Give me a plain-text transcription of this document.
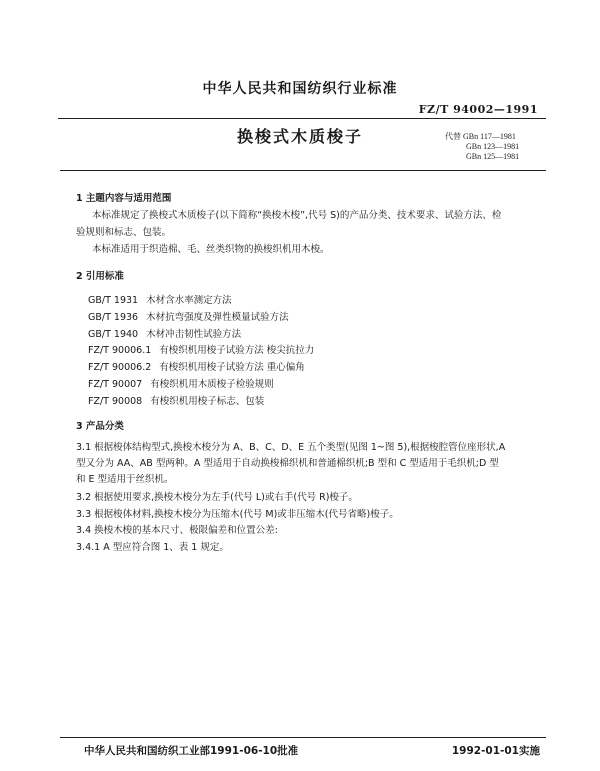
中华人民共和国纺织行业标准
FZ/T 94002—1991
换梭式木质梭子	代替 GBn 117—1981
GBn 123—1981
GBn 125—1981
1 主题内容与适用范围
本标准规定了换梭式木质梭子(以下简称“换梭木梭”,代号 S)的产品分类、技术要求、试验方法、检
验规则和标志、包装。
本标准适用于织造棉、毛、丝类织物的换梭织机用木梭。
2 引用标准
GB/T 1931 木材含水率测定方法
GB/T 1936 木材抗弯强度及弹性模量试验方法
GB/T 1940 木材冲击韧性试验方法
FZ/T 90006.1 有梭织机用梭子试验方法 梭尖抗拉力
FZ/T 90006.2 有梭织机用梭子试验方法 重心偏角
FZ/T 90007 有梭织机用木质梭子检验规则
FZ/T 90008 有梭织机用梭子标志、包装
3 产品分类
3.1 根据梭体结构型式,换梭木梭分为 A、B、C、D、E 五个类型(见图 1~图 5),根据梭腔管位座形状,A
型又分为 AA、AB 型两种。A 型适用于自动换梭棉织机和普通棉织机;B 型和 C 型适用于毛织机;D 型
和 E 型适用于丝织机。
3.2 根据使用要求,换梭木梭分为左手(代号 L)或右手(代号 R)梭子。
3.3 根据梭体材料,换梭木梭分为压缩木(代号 M)或非压缩木(代号省略)梭子。
3.4 换梭木梭的基本尺寸、极限偏差和位置公差:
3.4.1 A 型应符合图 1、表 1 规定。
中华人民共和国纺织工业部1991-06-10批准	1992-01-01实施
